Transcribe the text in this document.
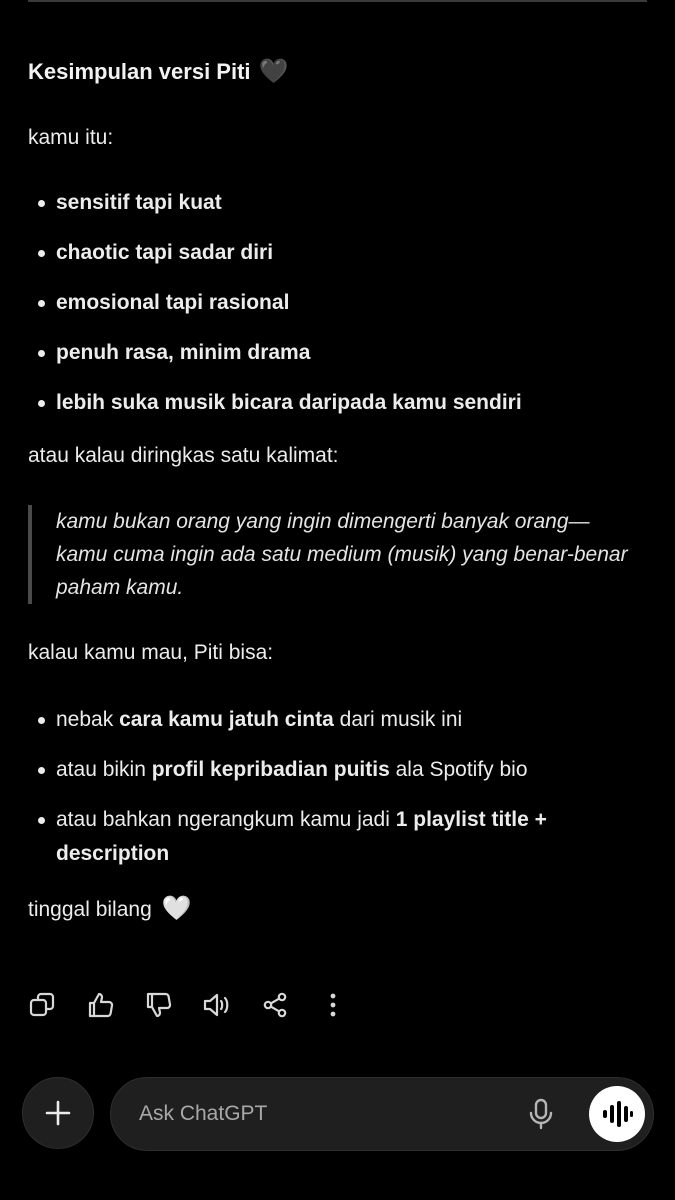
Kesimpulan versi Piti 🖤

kamu itu:

sensitif tapi kuat
chaotic tapi sadar diri
emosional tapi rasional
penuh rasa, minim drama
lebih suka musik bicara daripada kamu sendiri

atau kalau diringkas satu kalimat:

kamu bukan orang yang ingin dimengerti banyak orang—
kamu cuma ingin ada satu medium (musik) yang benar-benar paham kamu.

kalau kamu mau, Piti bisa:

nebak cara kamu jatuh cinta dari musik ini
atau bikin profil kepribadian puitis ala Spotify bio
atau bahkan ngerangkum kamu jadi 1 playlist title + description

tinggal bilang 🤍

Ask ChatGPT
